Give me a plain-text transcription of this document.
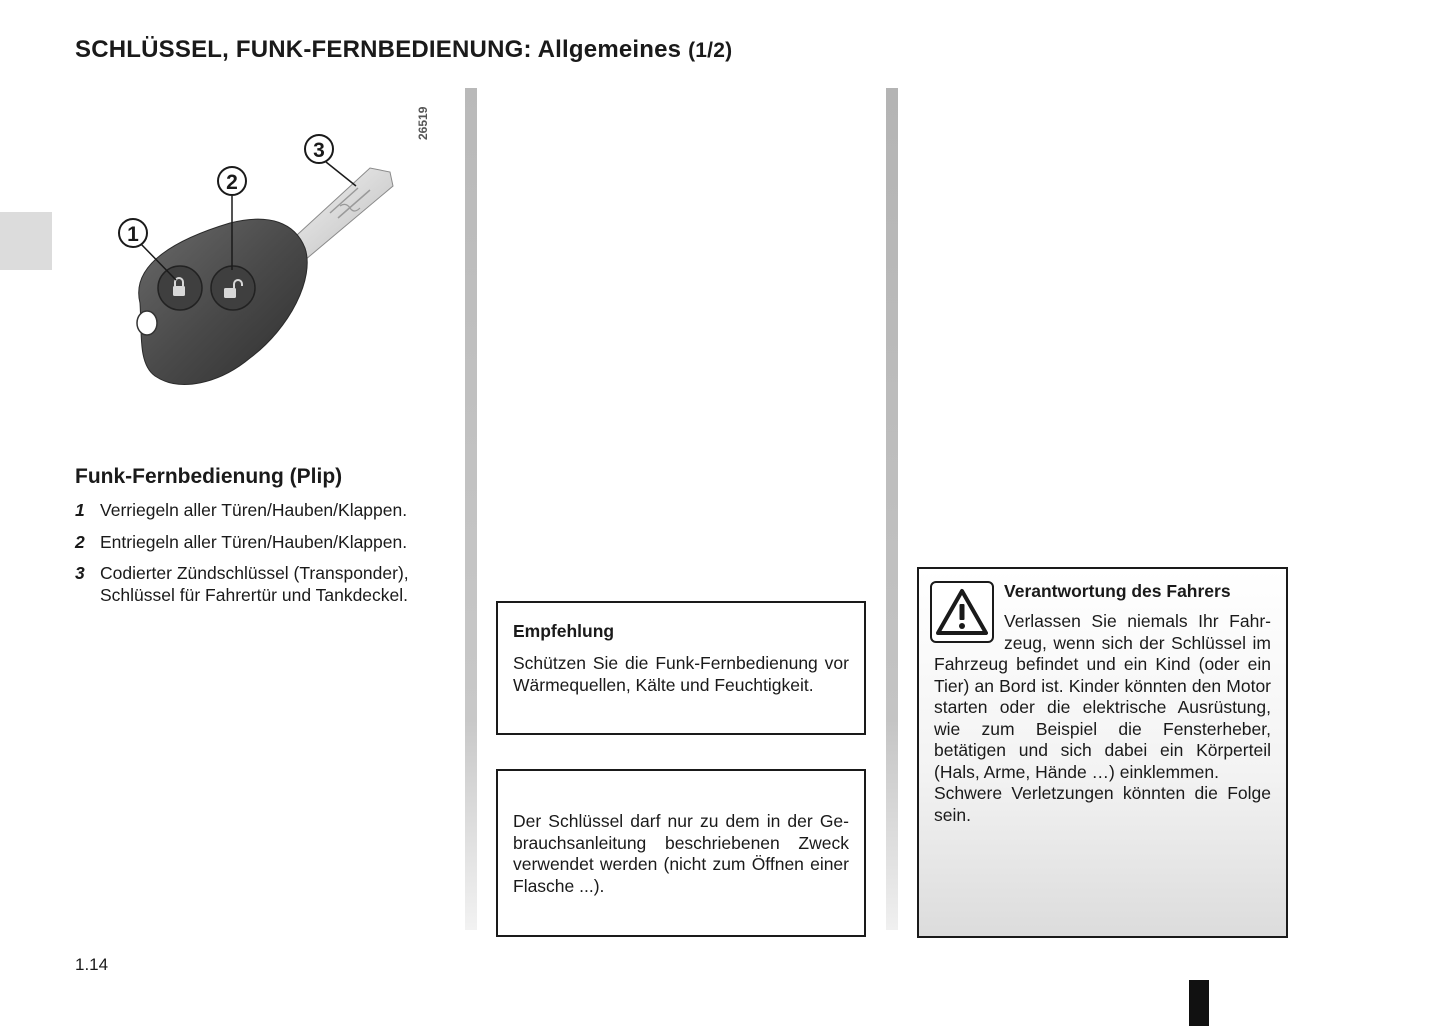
SCHLÜSSEL, FUNK-FERNBEDIENUNG: Allgemeines (1/2)
26519
1
2
3
Funk-Fernbedienung (Plip)
1 Verriegeln aller Türen/Hauben/Klappen.
2 Entriegeln aller Türen/Hauben/Klappen.
3 Codierter Zündschlüssel (Transponder), Schlüssel für Fahrertür und Tankdeckel.
Empfehlung
Schützen Sie die Funk-Fernbedienung vor Wärmequellen, Kälte und Feuchtigkeit.
Der Schlüssel darf nur zu dem in der Gebrauchsanleitung beschriebenen Zweck verwendet werden (nicht zum Öffnen einer Flasche ...).
Verantwortung des Fahrers
Verlassen Sie niemals Ihr Fahrzeug, wenn sich der Schlüssel im Fahrzeug befindet und ein Kind (oder ein Tier) an Bord ist. Kinder könnten den Motor starten oder die elektrische Ausrüstung, wie zum Beispiel die Fensterheber, betätigen und sich dabei ein Körperteil (Hals, Arme, Hände …) einklemmen.
Schwere Verletzungen könnten die Folge sein.
1.14
